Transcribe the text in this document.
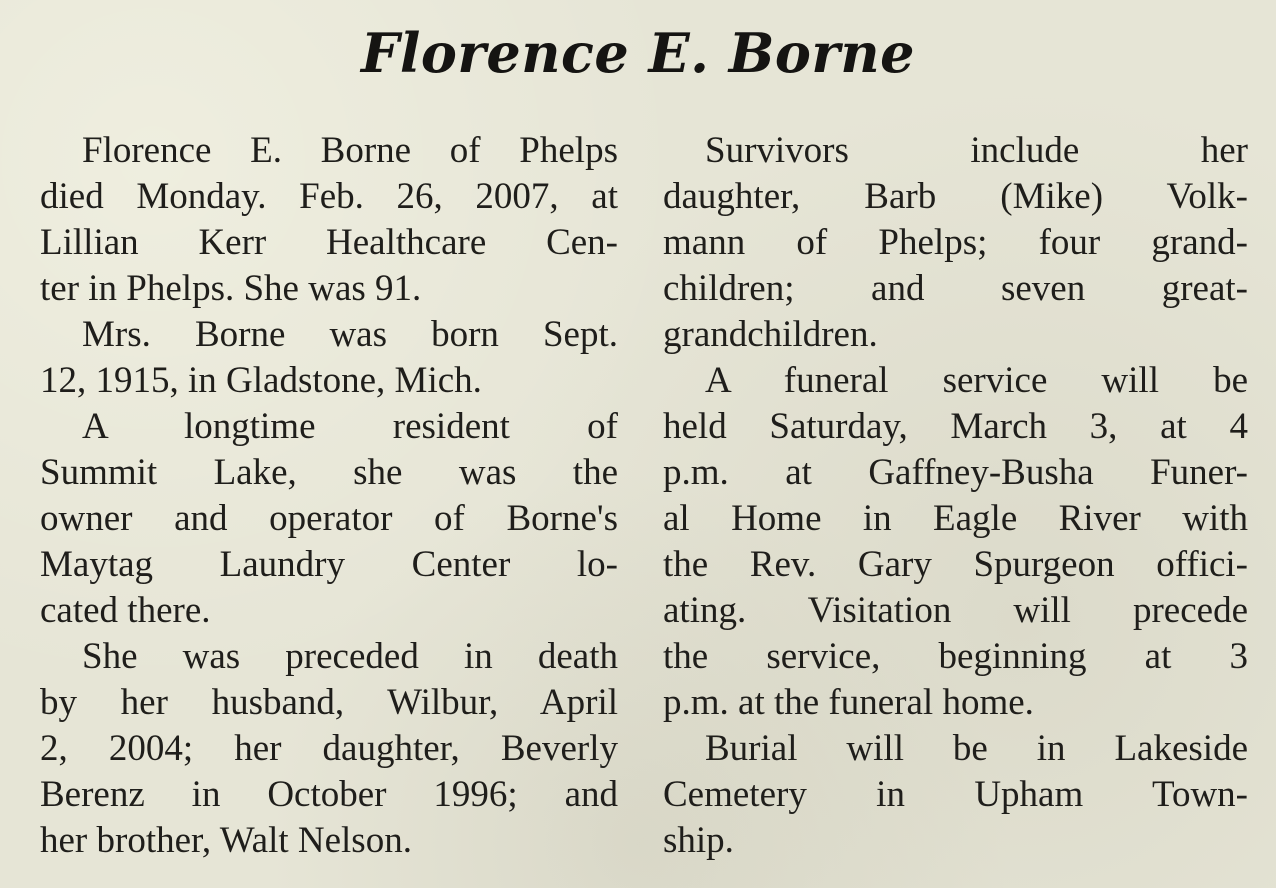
Florence E. Borne
Florence E. Borne of Phelps
died Monday. Feb. 26, 2007, at
Lillian Kerr Healthcare Cen-
ter in Phelps. She was 91.
Mrs. Borne was born Sept.
12, 1915, in Gladstone, Mich.
A longtime resident of
Summit Lake, she was the
owner and operator of Borne's
Maytag Laundry Center lo-
cated there.
She was preceded in death
by her husband, Wilbur, April
2, 2004; her daughter, Beverly
Berenz in October 1996; and
her brother, Walt Nelson.
Survivors include her
daughter, Barb (Mike) Volk-
mann of Phelps; four grand-
children; and seven great-
grandchildren.
A funeral service will be
held Saturday, March 3, at 4
p.m. at Gaffney-Busha Funer-
al Home in Eagle River with
the Rev. Gary Spurgeon offici-
ating. Visitation will precede
the service, beginning at 3
p.m. at the funeral home.
Burial will be in Lakeside
Cemetery in Upham Town-
ship.
